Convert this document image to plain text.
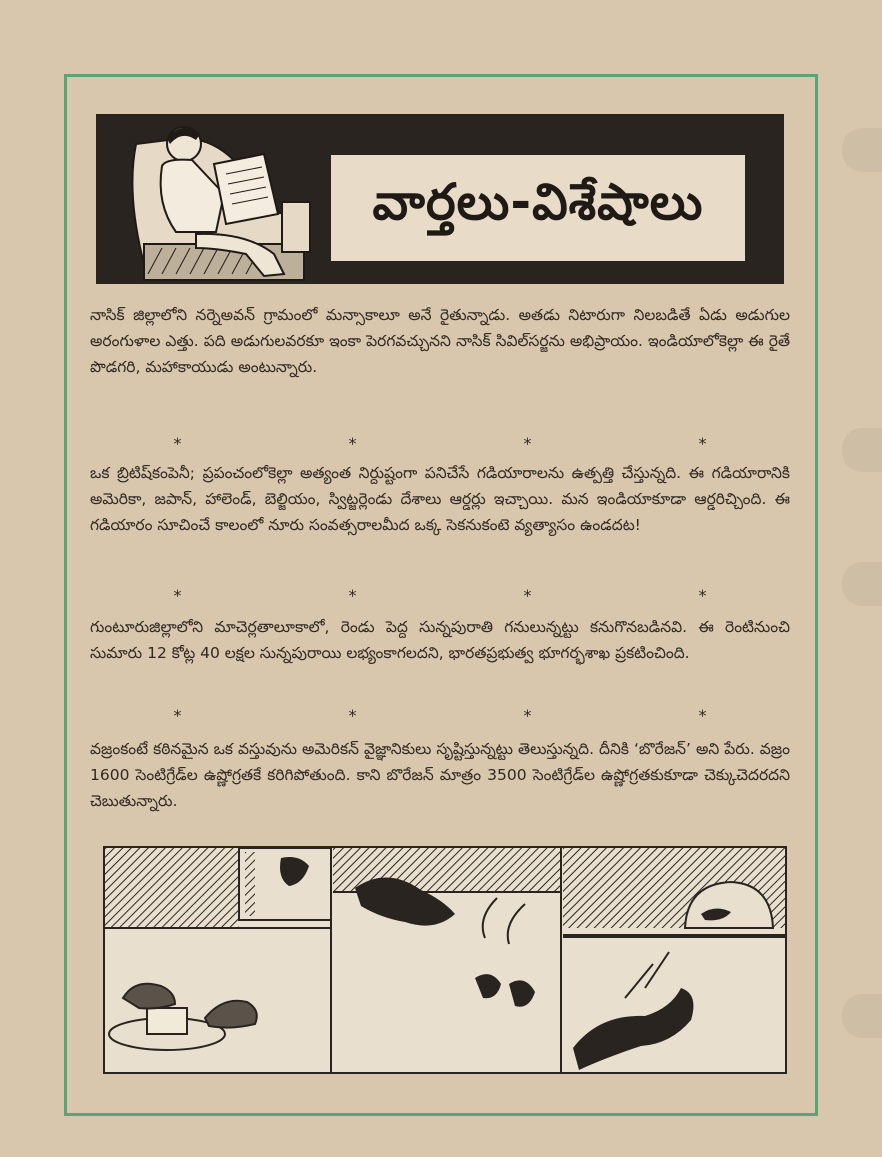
వార్తలు-విశేషాలు

నాసిక్ జిల్లాలోని నర్నెఅవన్ గ్రామంలో మన్సాకాలూ అనే రైతున్నాడు. అతడు నిటారుగా నిలబడితే ఏడు అడుగుల అరంగుళాల ఎత్తు. పది అడుగులవరకూ ఇంకా పెరగవచ్చునని నాసిక్ సివిల్‌సర్జను అభిప్రాయం. ఇండియాలోకెల్లా ఈ రైతే పొడగరి, మహాకాయుడు అంటున్నారు.

*	*	*	*

ఒక బ్రిటిష్‌కంపెనీ; ప్రపంచంలోకెల్లా అత్యంత నిర్దుష్టంగా పనిచేసే గడియారాలను ఉత్పత్తి చేస్తున్నది. ఈ గడియారానికి అమెరికా, జపాన్, హాలెండ్, బెల్జియం, స్విట్జర్లెండు దేశాలు ఆర్డర్లు ఇచ్చాయి. మన ఇండియాకూడా ఆర్డరిచ్చింది. ఈ గడియారం సూచించే కాలంలో నూరు సంవత్సరాలమీద ఒక్క సెకనుకంటె వ్యత్యాసం ఉండదట!

*	*	*	*

గుంటూరుజిల్లాలోని మాచెర్లతాలూకాలో, రెండు పెద్ద సున్నపురాతి గనులున్నట్టు కనుగొనబడినవి. ఈ రెంటినుంచి సుమారు 12 కోట్ల 40 లక్షల సున్నపురాయి లభ్యంకాగలదని, భారతప్రభుత్వ భూగర్భశాఖ ప్రకటించింది.

*	*	*	*

వజ్రంకంటే కఠినమైన ఒక వస్తువును అమెరికన్ వైజ్ఞానికులు సృష్టిస్తున్నట్టు తెలుస్తున్నది. దీనికి ‘బొరేజన్’ అని పేరు. వజ్రం 1600 సెంటిగ్రేడ్‌ల ఉష్ణోగ్రతకే కరిగిపోతుంది. కాని బొరేజన్ మాత్రం 3500 సెంటిగ్రేడ్‌ల ఉష్ణోగ్రతకుకూడా చెక్కుచెదరదని చెబుతున్నారు.
